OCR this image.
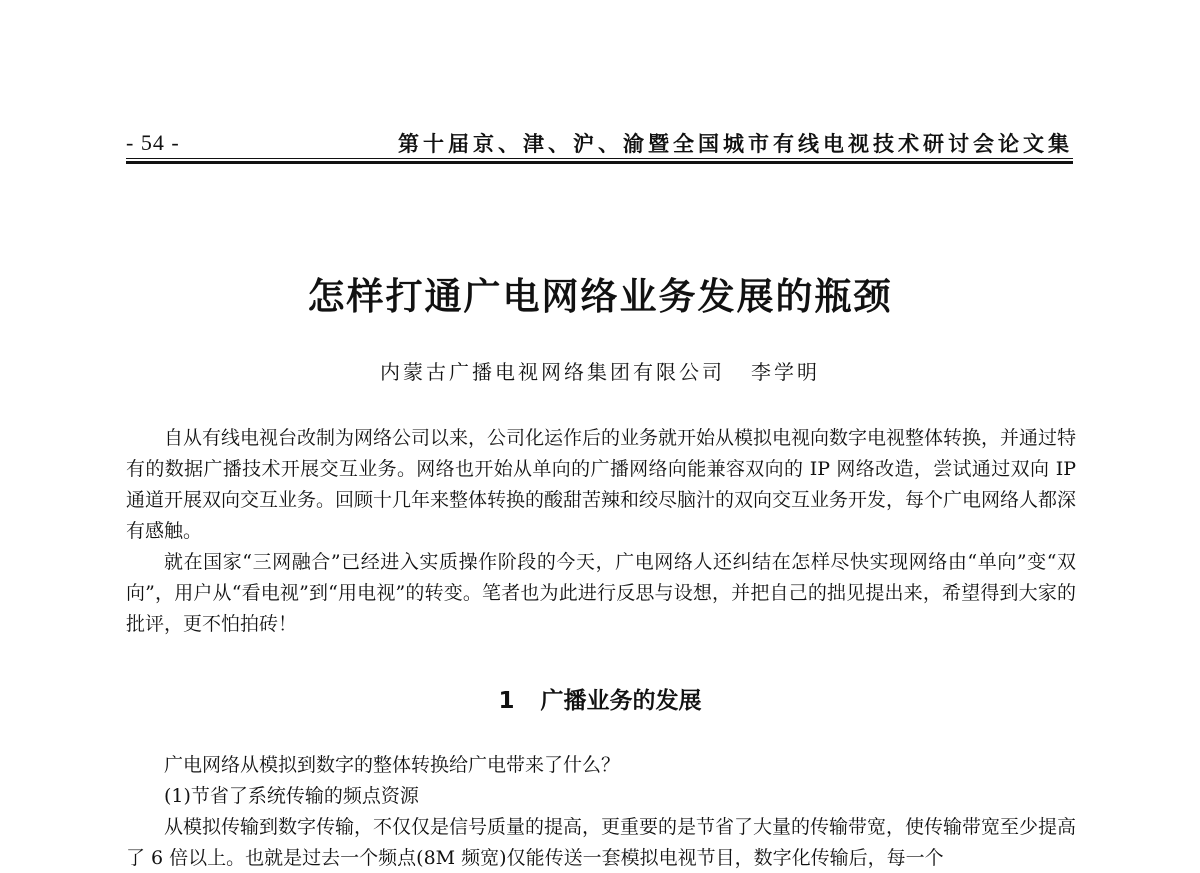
- 54 -	第十届京、津、沪、渝暨全国城市有线电视技术研讨会论文集
怎样打通广电网络业务发展的瓶颈
内蒙古广播电视网络集团有限公司 李学明

自从有线电视台改制为网络公司以来，公司化运作后的业务就开始从模拟电视向数字电视整体转换，并通过特有的数据广播技术开展交互业务。网络也开始从单向的广播网络向能兼容双向的 IP 网络改造，尝试通过双向 IP 通道开展双向交互业务。回顾十几年来整体转换的酸甜苦辣和绞尽脑汁的双向交互业务开发，每个广电网络人都深有感触。

就在国家“三网融合”已经进入实质操作阶段的今天，广电网络人还纠结在怎样尽快实现网络由“单向”变“双向”，用户从“看电视”到“用电视”的转变。笔者也为此进行反思与设想，并把自己的拙见提出来，希望得到大家的批评，更不怕拍砖！

1 广播业务的发展

广电网络从模拟到数字的整体转换给广电带来了什么？

(1)节省了系统传输的频点资源

从模拟传输到数字传输，不仅仅是信号质量的提高，更重要的是节省了大量的传输带宽，使传输带宽至少提高了 6 倍以上。也就是过去一个频点(8M 频宽)仅能传送一套模拟电视节目，数字化传输后，每一个
